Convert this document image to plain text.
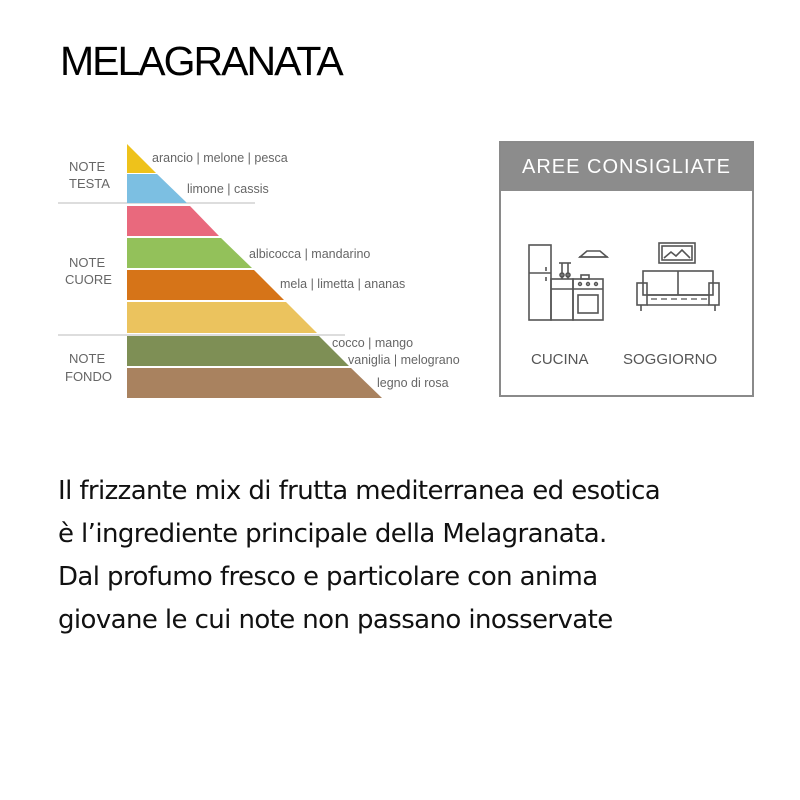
MELAGRANATA
NOTE
TESTA
NOTE
CUORE
NOTE
FONDO
arancio | melone | pesca
limone | cassis
albicocca | mandarino
mela | limetta | ananas
cocco | mango
vaniglia | melograno
legno di rosa
AREE CONSIGLIATE
CUCINA SOGGIORNO
Il frizzante mix di frutta mediterranea ed esotica
è l’ingrediente principale della Melagranata.
Dal profumo fresco e particolare con anima
giovane le cui note non passano inosservate
